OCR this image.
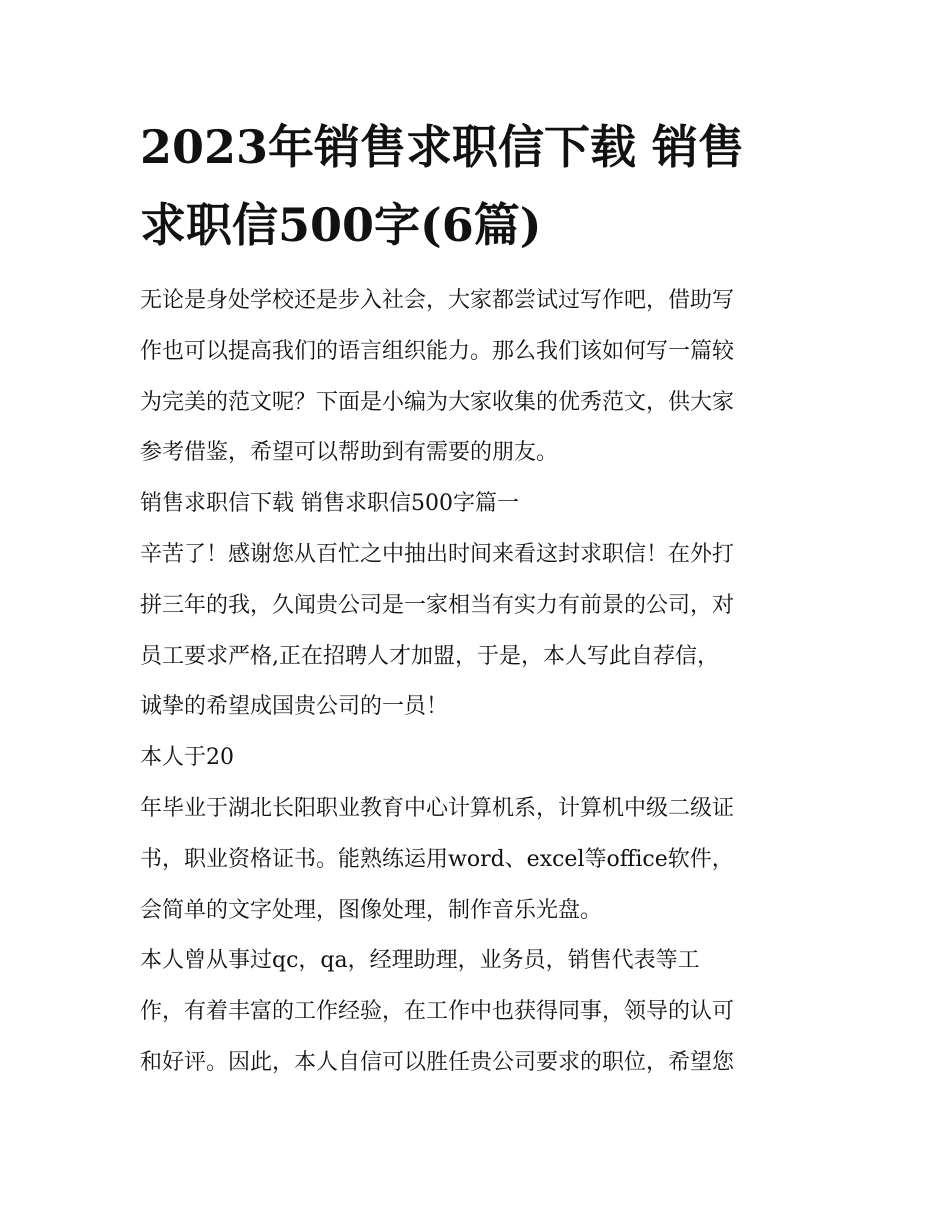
2023年销售求职信下载 销售
求职信500字(6篇)
无论是身处学校还是步入社会，大家都尝试过写作吧，借助写
作也可以提高我们的语言组织能力。那么我们该如何写一篇较
为完美的范文呢？下面是小编为大家收集的优秀范文，供大家
参考借鉴，希望可以帮助到有需要的朋友。
销售求职信下载 销售求职信500字篇一
辛苦了！感谢您从百忙之中抽出时间来看这封求职信！在外打
拼三年的我，久闻贵公司是一家相当有实力有前景的公司，对
员工要求严格,正在招聘人才加盟，于是，本人写此自荐信，
诚挚的希望成国贵公司的一员！
本人于20
年毕业于湖北长阳职业教育中心计算机系，计算机中级二级证
书，职业资格证书。能熟练运用word、excel等office软件，
会简单的文字处理，图像处理，制作音乐光盘。
本人曾从事过qc，qa，经理助理，业务员，销售代表等工
作，有着丰富的工作经验，在工作中也获得同事，领导的认可
和好评。因此，本人自信可以胜任贵公司要求的职位，希望您
